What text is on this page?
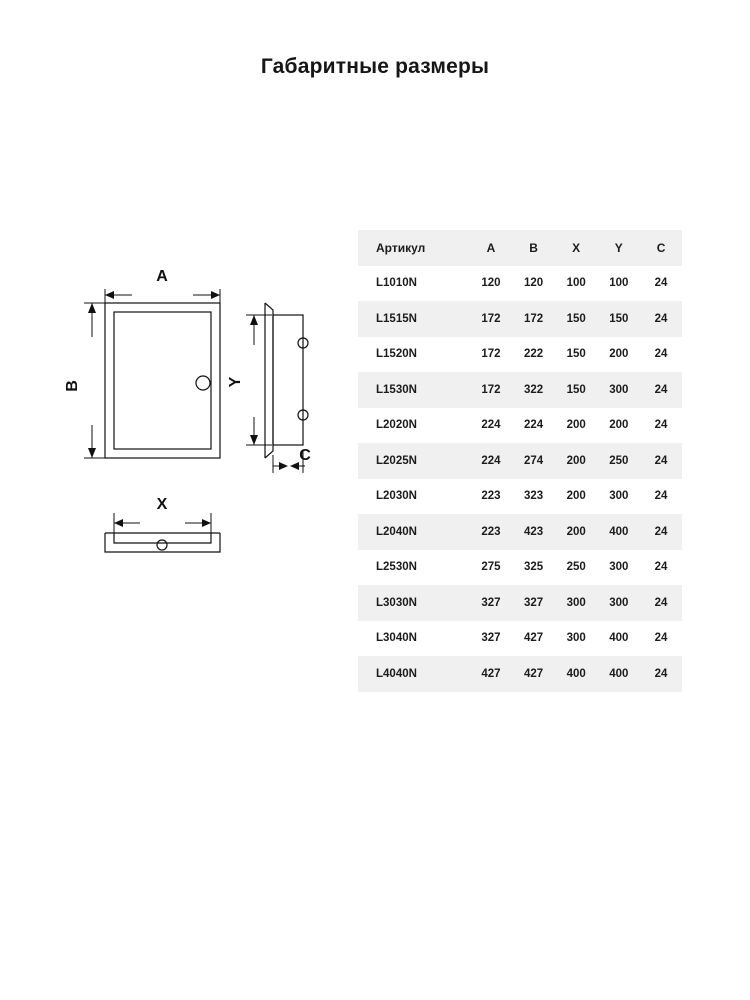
Габаритные размеры
A
B	Y
C
X
Артикул	A	B	X	Y	C
L1010N	120	120	100	100	24
L1515N	172	172	150	150	24
L1520N	172	222	150	200	24
L1530N	172	322	150	300	24
L2020N	224	224	200	200	24
L2025N	224	274	200	250	24
L2030N	223	323	200	300	24
L2040N	223	423	200	400	24
L2530N	275	325	250	300	24
L3030N	327	327	300	300	24
L3040N	327	427	300	400	24
L4040N	427	427	400	400	24
